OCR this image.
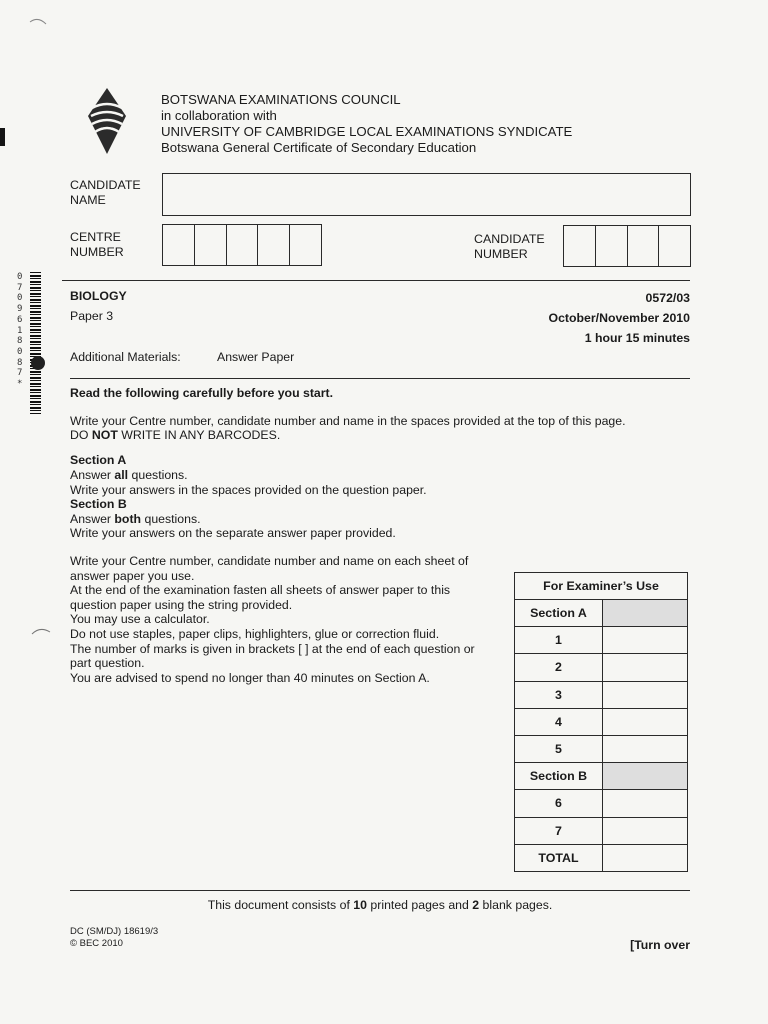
BOTSWANA EXAMINATIONS COUNCIL
in collaboration with
UNIVERSITY OF CAMBRIDGE LOCAL EXAMINATIONS SYNDICATE
Botswana General Certificate of Secondary Education
CANDIDATE
NAME
CENTRE
NUMBER
CANDIDATE
NUMBER
0709618087*
BIOLOGY
Paper 3
0572/03
October/November 2010
1 hour 15 minutes
Additional Materials:	Answer Paper
Read the following carefully before you start.
Write your Centre number, candidate number and name in the spaces provided at the top of this page.
DO NOT WRITE IN ANY BARCODES.
Section A
Answer all questions.
Write your answers in the spaces provided on the question paper.
Section B
Answer both questions.
Write your answers on the separate answer paper provided.
Write your Centre number, candidate number and name on each sheet of
answer paper you use.
At the end of the examination fasten all sheets of answer paper to this
question paper using the string provided.
You may use a calculator.
Do not use staples, paper clips, highlighters, glue or correction fluid.
The number of marks is given in brackets [ ] at the end of each question or
part question.
You are advised to spend no longer than 40 minutes on Section A.
For Examiner’s Use	
Section A	
1	
2	
3	
4	
5	
Section B	
6	
7	
TOTAL	
This document consists of 10 printed pages and 2 blank pages.
DC (SM/DJ) 18619/3
© BEC 2010	[Turn over
